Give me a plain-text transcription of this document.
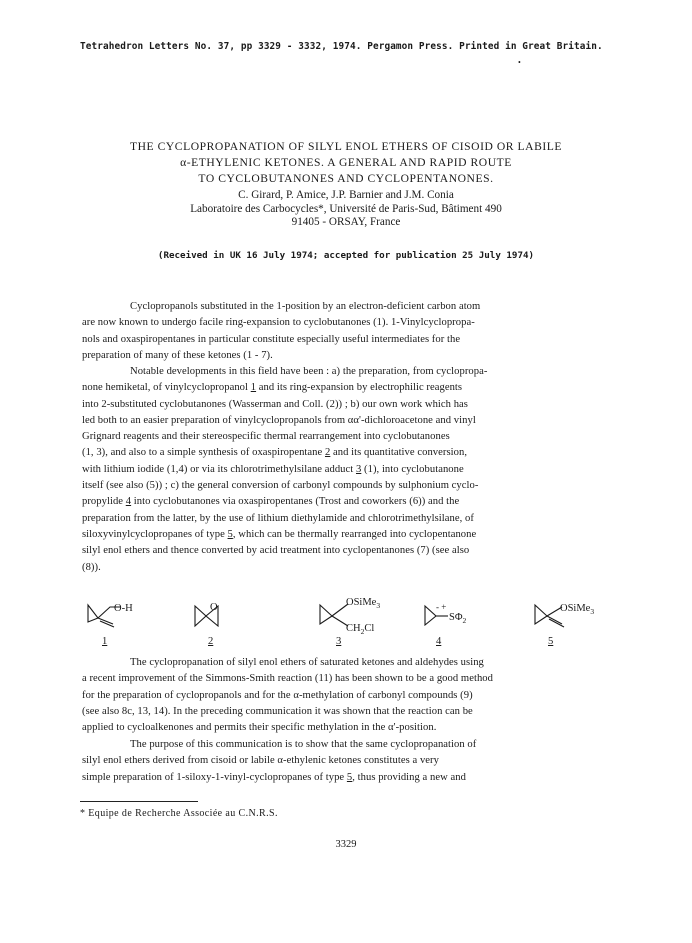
Tetrahedron Letters No. 37, pp 3329 - 3332, 1974. Pergamon Press. Printed in Great Britain.
•
THE CYCLOPROPANATION OF SILYL ENOL ETHERS OF CISOID OR LABILE
α-ETHYLENIC KETONES. A GENERAL AND RAPID ROUTE
TO CYCLOBUTANONES AND CYCLOPENTANONES.
C. Girard, P. Amice, J.P. Barnier and J.M. Conia
Laboratoire des Carbocycles*, Université de Paris-Sud, Bâtiment 490
91405 - ORSAY, France
(Received in UK 16 July 1974; accepted for publication 25 July 1974)

Cyclopropanols substituted in the 1-position by an electron-deficient carbon atom

are now known to undergo facile ring-expansion to cyclobutanones (1). 1-Vinylcyclopropa-

nols and oxaspiropentanes in particular constitute especially useful intermediates for the

preparation of many of these ketones (1 - 7).

Notable developments in this field have been : a) the preparation, from cyclopropa-

none hemiketal, of vinylcyclopropanol 1 and its ring-expansion by electrophilic reagents

into 2-substituted cyclobutanones (Wasserman and Coll. (2)) ; b) our own work which has

led both to an easier preparation of vinylcyclopropanols from αα'-dichloroacetone and vinyl

Grignard reagents and their stereospecific thermal rearrangement into cyclobutanones

(1, 3), and also to a simple synthesis of oxaspiropentane 2 and its quantitative conversion,

with lithium iodide (1,4) or via its chlorotrimethylsilane adduct 3 (1), into cyclobutanone

itself (see also (5)) ; c) the general conversion of carbonyl compounds by sulphonium cyclo-

propylide 4 into cyclobutanones via oxaspiropentanes (Trost and coworkers (6)) and the

preparation from the latter, by the use of lithium diethylamide and chlorotrimethylsilane, of

siloxyvinylcyclopropanes of type 5, which can be thermally rearranged into cyclopentanone

silyl enol ethers and thence converted by acid treatment into cyclopentanones (7) (see also

(8)).

O-H	O	OSiMe$_3$
$CH_2Cl$
- +
$S\Phi_2$
OSiMe$_3$
1	2	3	4	5

The cyclopropanation of silyl enol ethers of saturated ketones and aldehydes using

a recent improvement of the Simmons-Smith reaction (11) has been shown to be a good method

for the preparation of cyclopropanols and for the α-methylation of carbonyl compounds (9)

(see also 8c, 13, 14). In the preceding communication it was shown that the reaction can be

applied to cycloalkenones and permits their specific methylation in the α'-position.

The purpose of this communication is to show that the same cyclopropanation of

silyl enol ethers derived from cisoid or labile α-ethylenic ketones constitutes a very

simple preparation of 1-siloxy-1-vinyl-cyclopropanes of type 5, thus providing a new and

* Equipe de Recherche Associée au C.N.R.S.
3329
